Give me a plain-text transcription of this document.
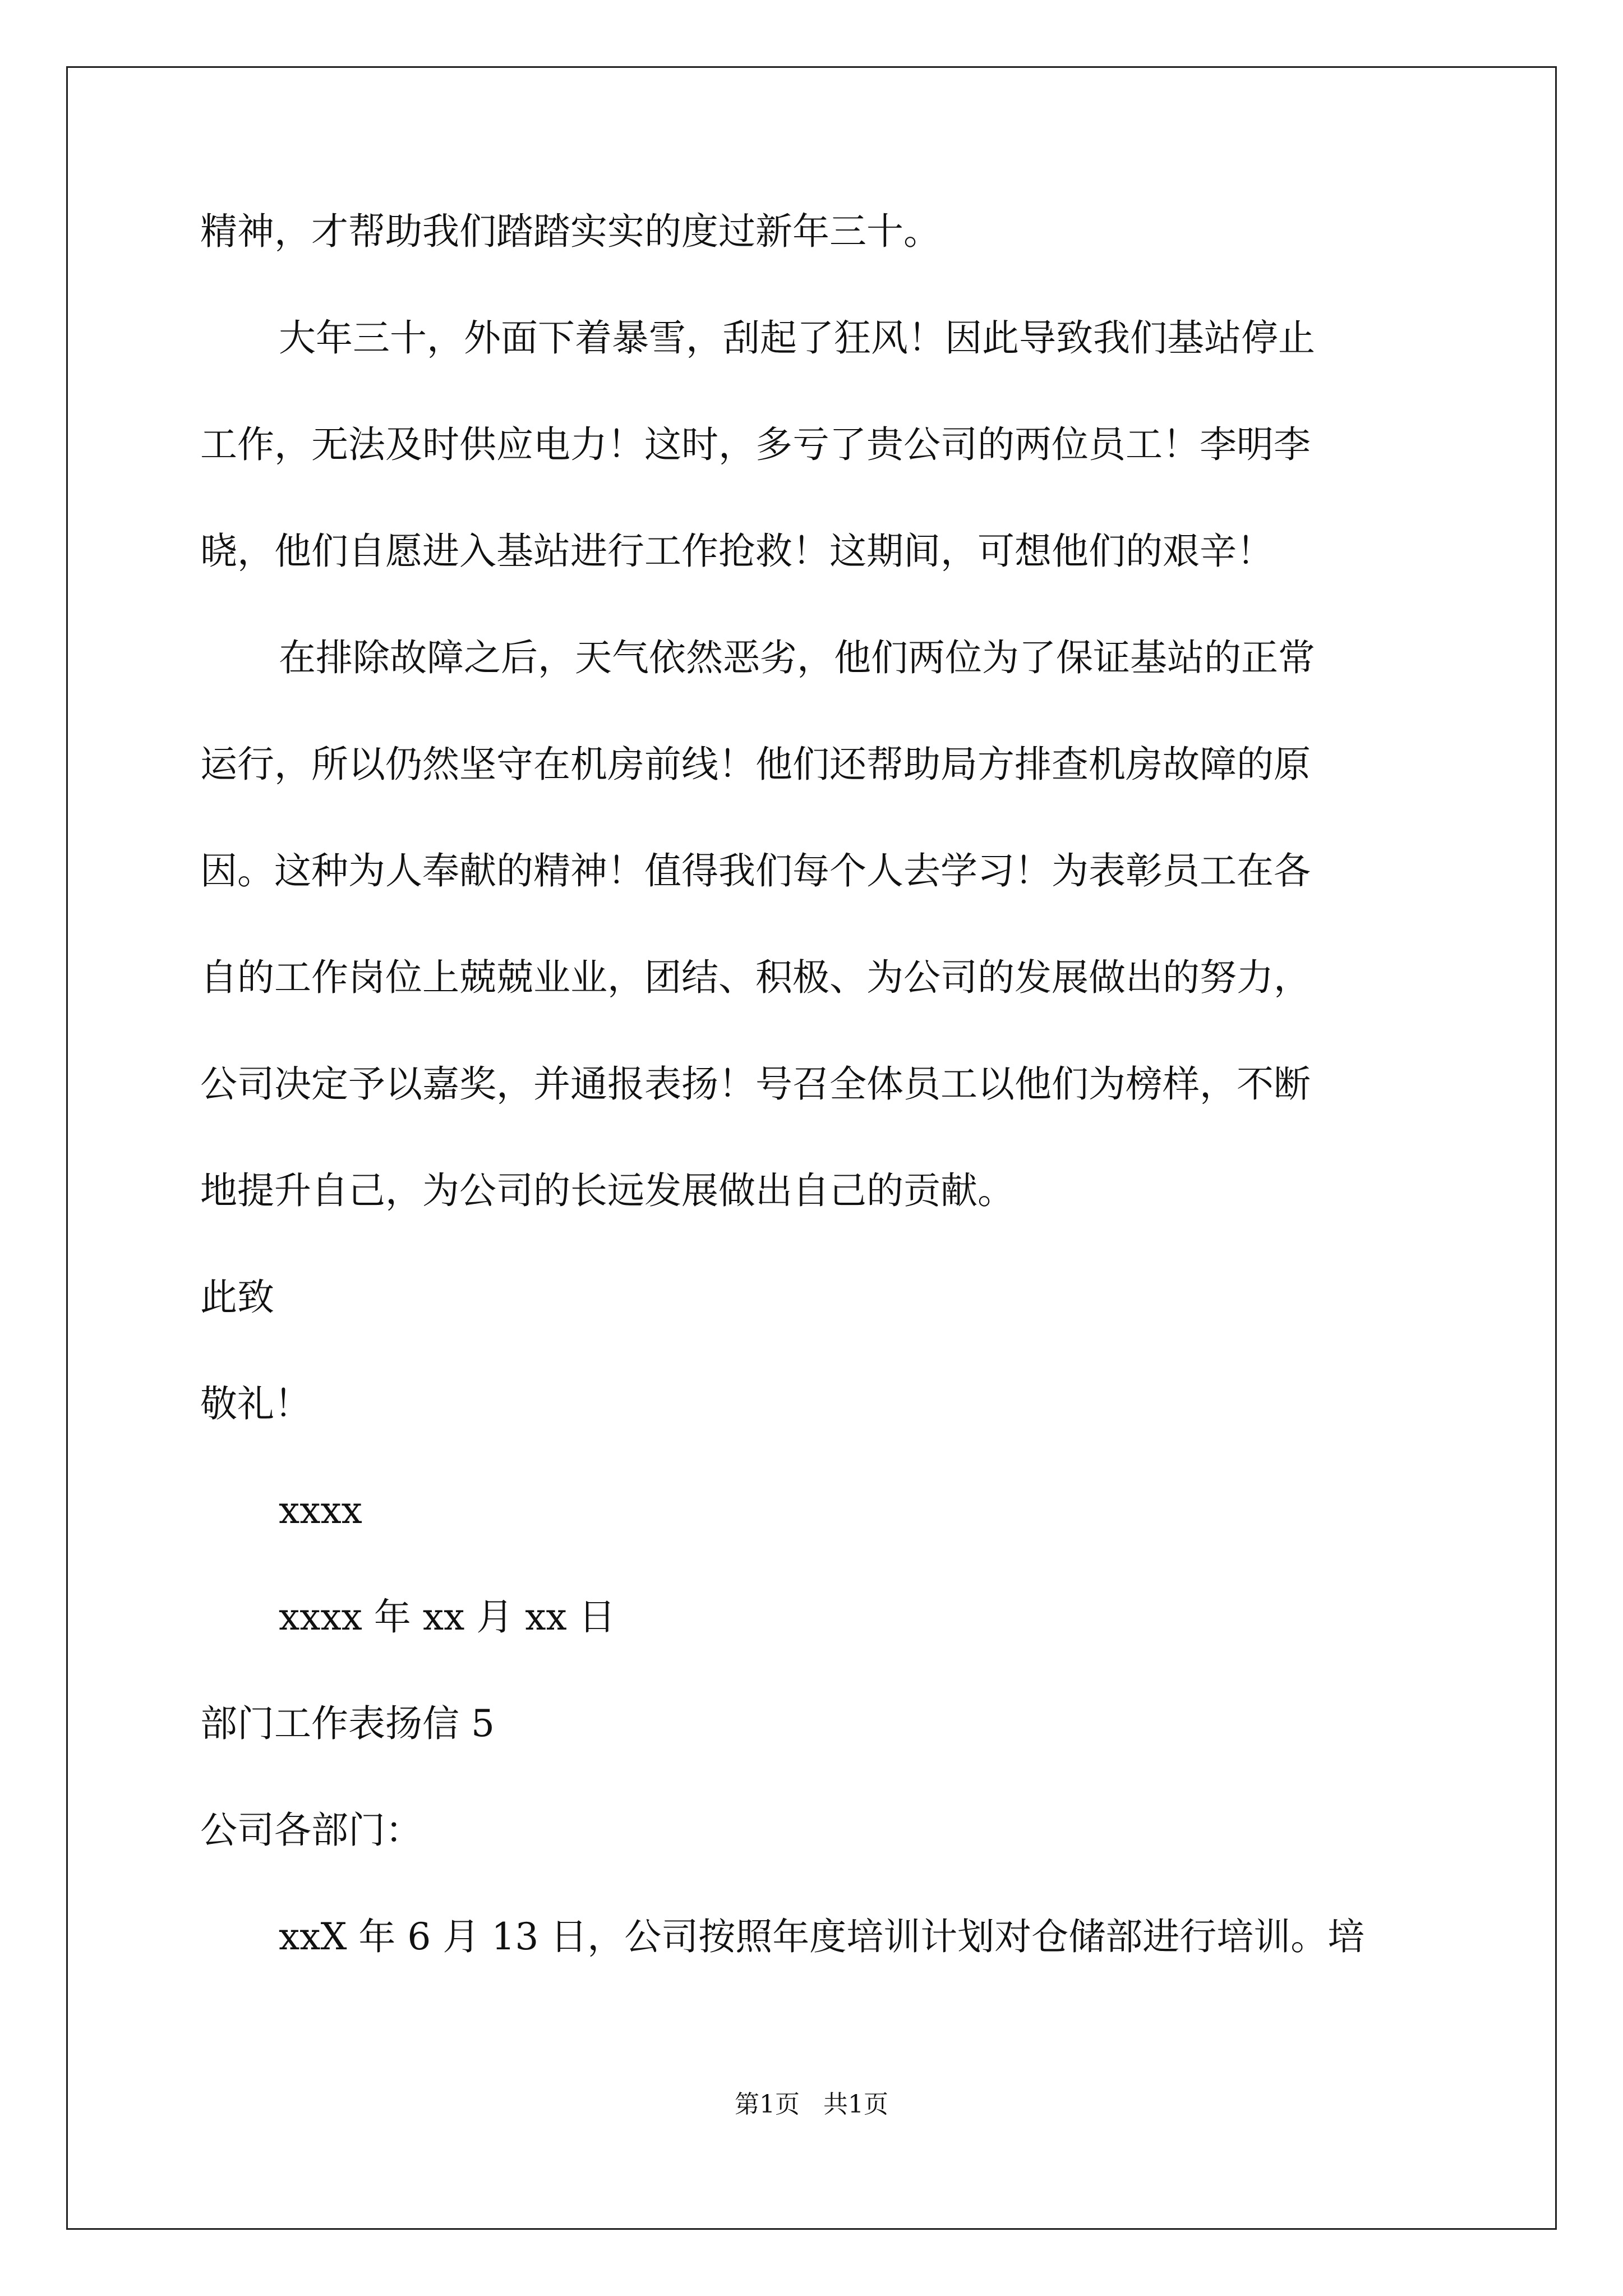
精神，才帮助我们踏踏实实的度过新年三十。
大年三十，外面下着暴雪，刮起了狂风！因此导致我们基站停止
工作，无法及时供应电力！这时，多亏了贵公司的两位员工！李明李
晓，他们自愿进入基站进行工作抢救！这期间，可想他们的艰辛！
在排除故障之后，天气依然恶劣，他们两位为了保证基站的正常
运行，所以仍然坚守在机房前线！他们还帮助局方排查机房故障的原
因。这种为人奉献的精神！值得我们每个人去学习！为表彰员工在各
自的工作岗位上兢兢业业，团结、积极、为公司的发展做出的努力，
公司决定予以嘉奖，并通报表扬！号召全体员工以他们为榜样，不断
地提升自己，为公司的长远发展做出自己的贡献。
此致
敬礼！
xxxx
xxxx 年 xx 月 xx 日
部门工作表扬信 5
公司各部门：
xxX 年 6 月 13 日，公司按照年度培训计划对仓储部进行培训。培
第1页   共1页
